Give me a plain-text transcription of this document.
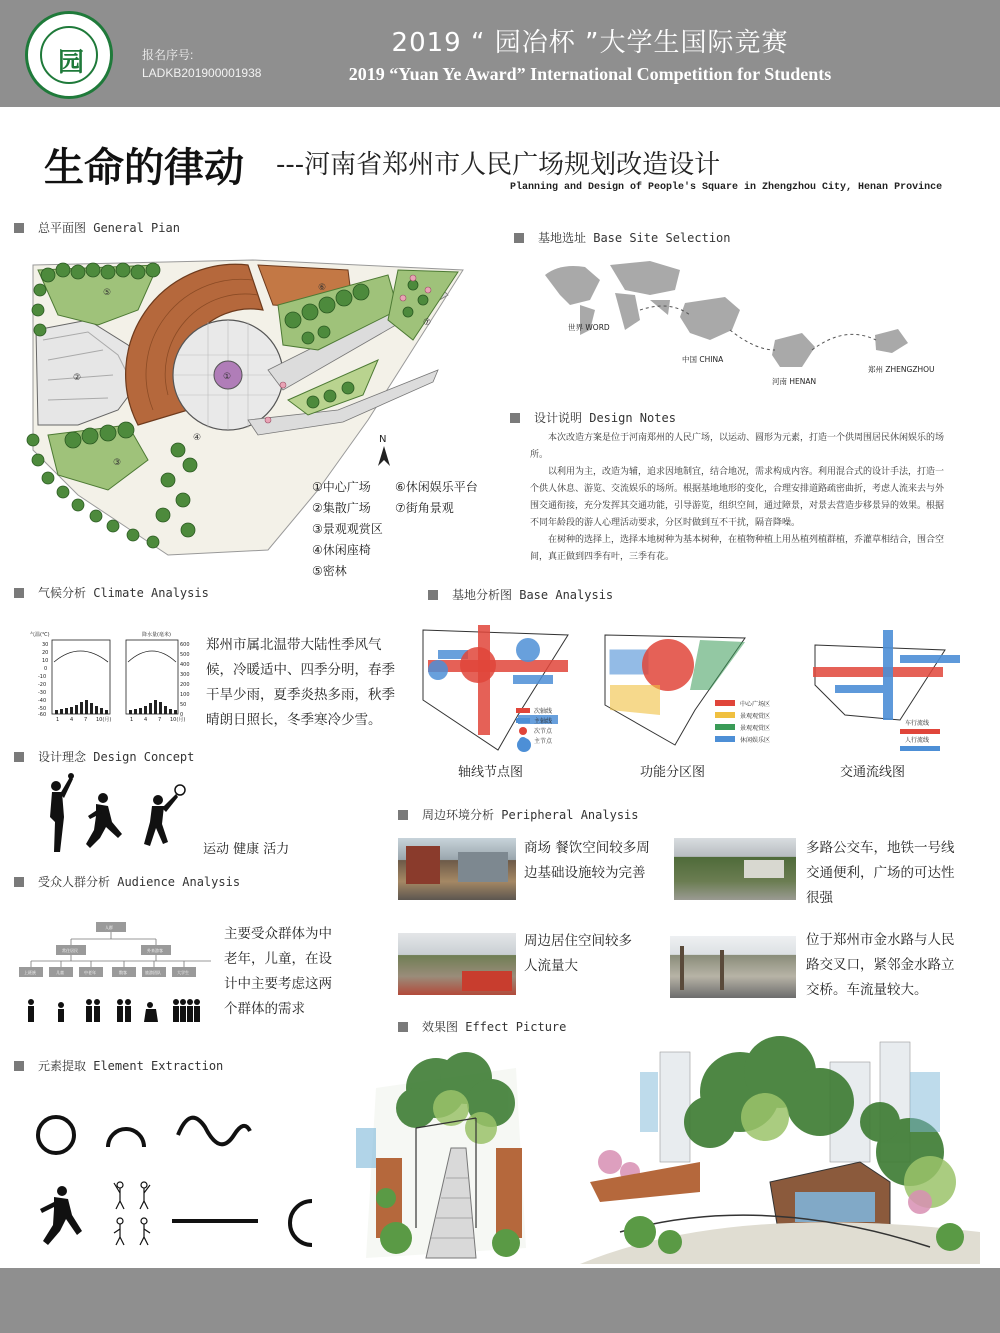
园	报名序号:
LADKB201900001938
2019 “ 园冶杯 ”大学生国际竞赛
2019 “Yuan Ye Award” International Competition for Students
生命的律动 ---河南省郑州市人民广场规划改造设计
Planning and Design of People's Square in Zhengzhou City, Henan Province
总平面图 General Pian
①
②
③
④
⑤	⑥
⑦
N
①中心广场
②集散广场
③景观观赏区
④休闲座椅
⑤密林
⑥休闲娱乐平台
⑦街角景观
基地选址 Base Site Selection
世界 WORD
中国 CHINA
河南 HENAN
郑州 ZHENGZHOU
设计说明 Design Notes

本次改造方案是位于河南郑州的人民广场，以运动、圆形为元素，打造一个供周围居民休闲娱乐的场所。

以利用为主，改造为辅，追求因地制宜，结合地况，需求构成内容。利用混合式的设计手法，打造一个供人休息、游览、交流娱乐的场所。根据基地地形的变化，合理安排道路疏密曲折，考虑人流来去与外围交通衔接，充分发挥其交通功能，引导游览，组织空间，通过障景，对景去营造步移景异的效果。根据不同年龄段的游人心理活动要求，分区时做到互不干扰，隔音降噪。

在树种的选择上，选择本地树种为基本树种，在植物种植上用丛植列植群植，乔灌草相结合，围合空间，真正做到四季有叶，三季有花。

气候分析 Climate Analysis
气温(℃)	降水量(毫米)
30
20
10
0
-10
-20
-30
-40
-50
-60
600
500
400
300
200
100
50
0
1 4 7 10(月)	1 4 7 10(月)
郑州市属北温带大陆性季风气候，冷暖适中、四季分明，春季干旱少雨，夏季炎热多雨，秋季晴朗日照长，冬季寒冷少雪。
基地分析图 Base Analysis
次轴线
主轴线
次节点
主节点
轴线节点图
中心广场区
景观观赏区
景观观赏区
休闲娱乐区
功能分区图
车行流线
人行流线
交通流线图
设计理念 Design Concept
运动 健康 活力
周边环境分析 Peripheral Analysis
商场 餐饮空间较多周边基础设施较为完善
多路公交车，地铁一号线交通便利，广场的可达性很强
周边居住空间较多人流量大
位于郑州市金水路与人民路交叉口，紧邻金水路立交桥。车流量较大。
受众人群分析 Audience Analysis
人群
常住居民	外来游客
上班族	儿童	中老年	散客	旅游团队	大学生
主要受众群体为中老年，儿童，在设计中主要考虑这两个群体的需求
元素提取 Element Extraction
效果图 Effect Picture
